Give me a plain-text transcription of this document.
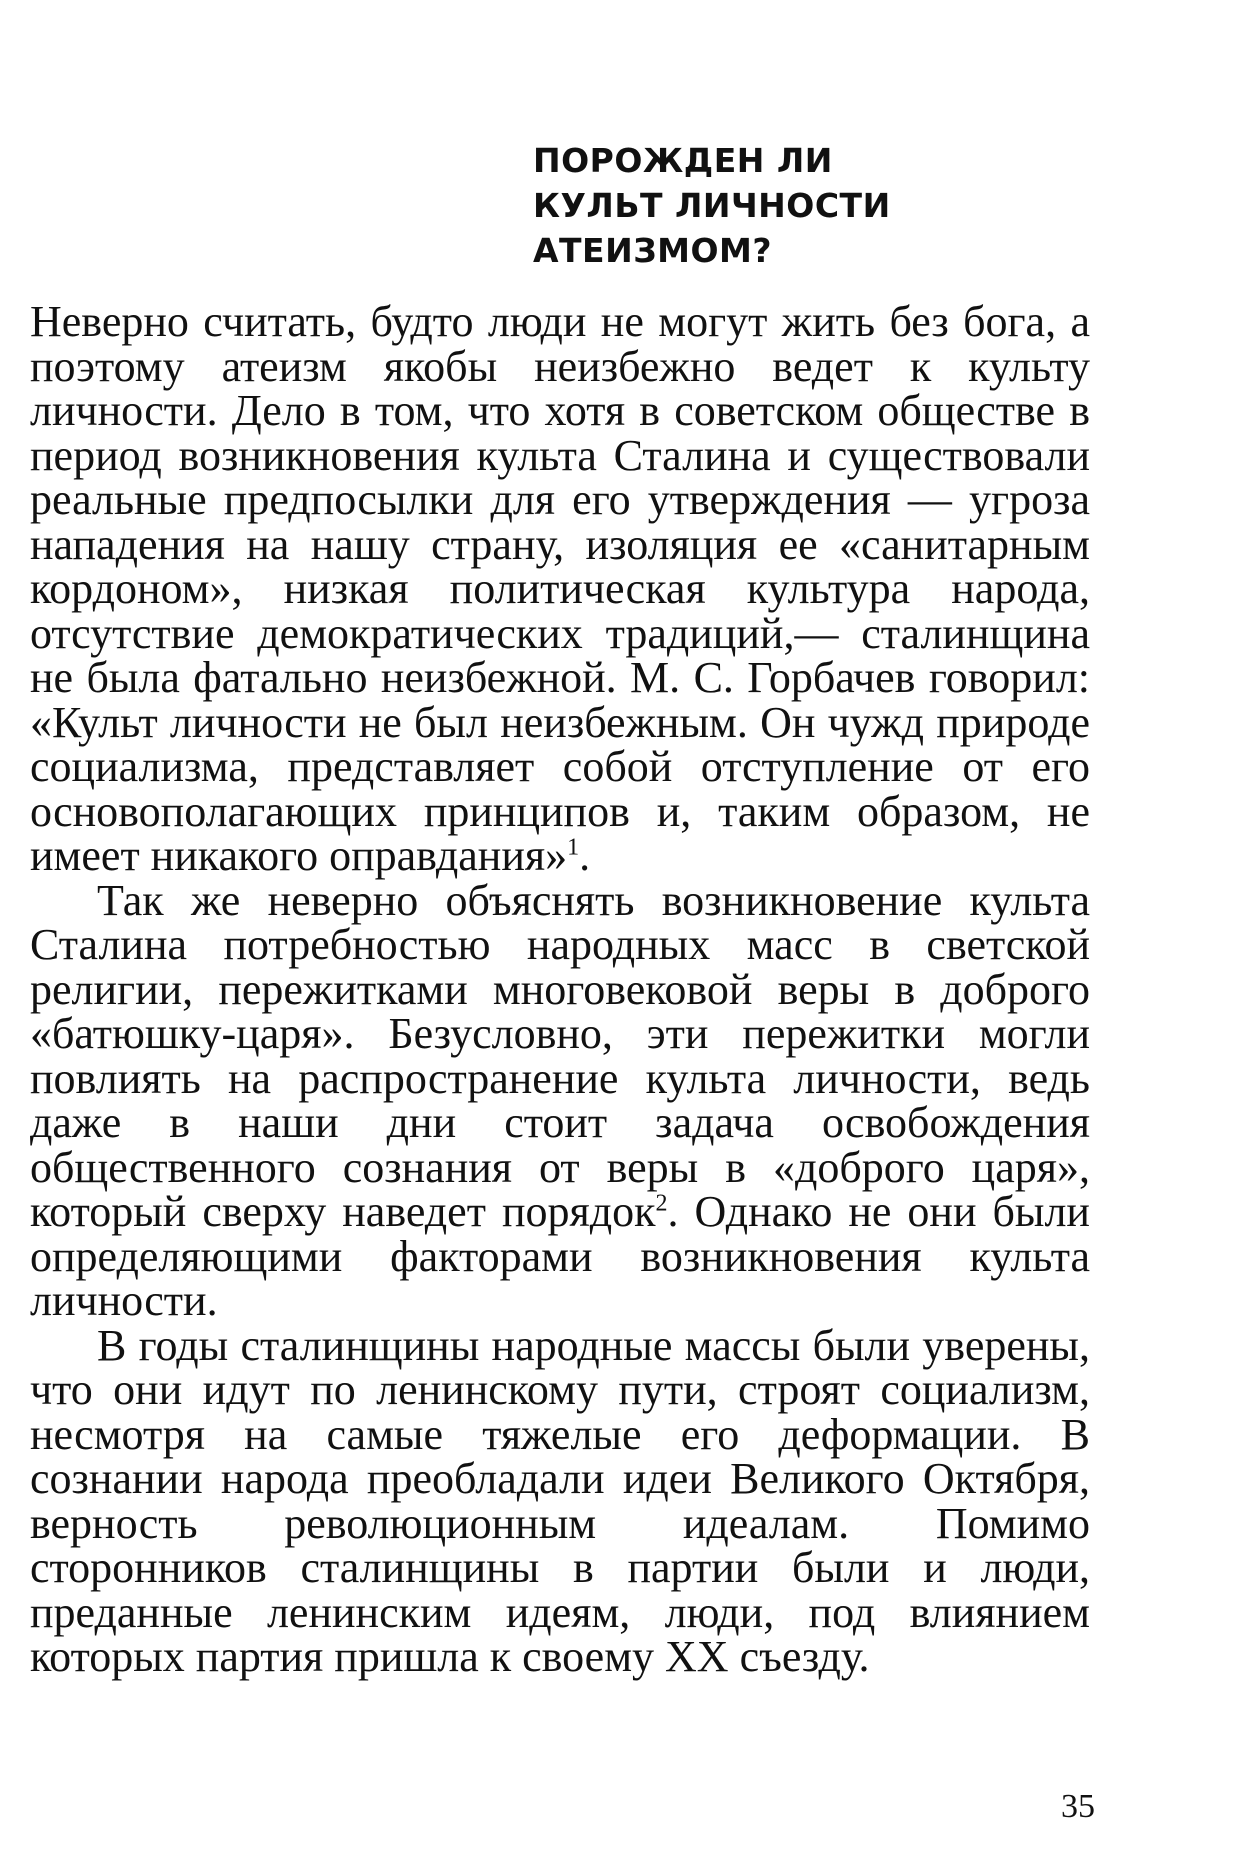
ПОРОЖДЕН ЛИ
КУЛЬТ ЛИЧНОСТИ
АТЕИЗМОМ?

Неверно считать, будто люди не могут жить без бога, а поэтому атеизм якобы неизбежно ведет к культу личности. Дело в том, что хотя в советском обществе в период возникновения культа Сталина и существовали реальные предпосылки для его утверждения — угроза нападения на нашу страну, изоляция ее «санитарным кордоном», низкая политическая культура народа, отсутствие демократических традиций,— сталинщина не была фатально неизбежной. М. С. Горбачев говорил: «Культ личности не был неизбежным. Он чужд природе социализма, представляет собой отступление от его основополагающих принципов и, таким образом, не имеет никакого оправдания»$^1$.

Так же неверно объяснять возникновение культа Сталина потребностью народных масс в светской религии, пережитками многовековой веры в доброго «батюшку-царя». Безусловно, эти пережитки могли повлиять на распространение культа личности, ведь даже в наши дни стоит задача освобождения общественного сознания от веры в «доброго царя», который сверху наведет порядок$^2$. Однако не они были определяющими факторами возникновения культа личности.

В годы сталинщины народные массы были уверены, что они идут по ленинскому пути, строят социализм, несмотря на самые тяжелые его деформации. В сознании народа преобладали идеи Великого Октября, верность революционным идеалам. Помимо сторонников сталинщины в партии были и люди, преданные ленинским идеям, люди, под влиянием которых партия пришла к своему XX съезду.

35
